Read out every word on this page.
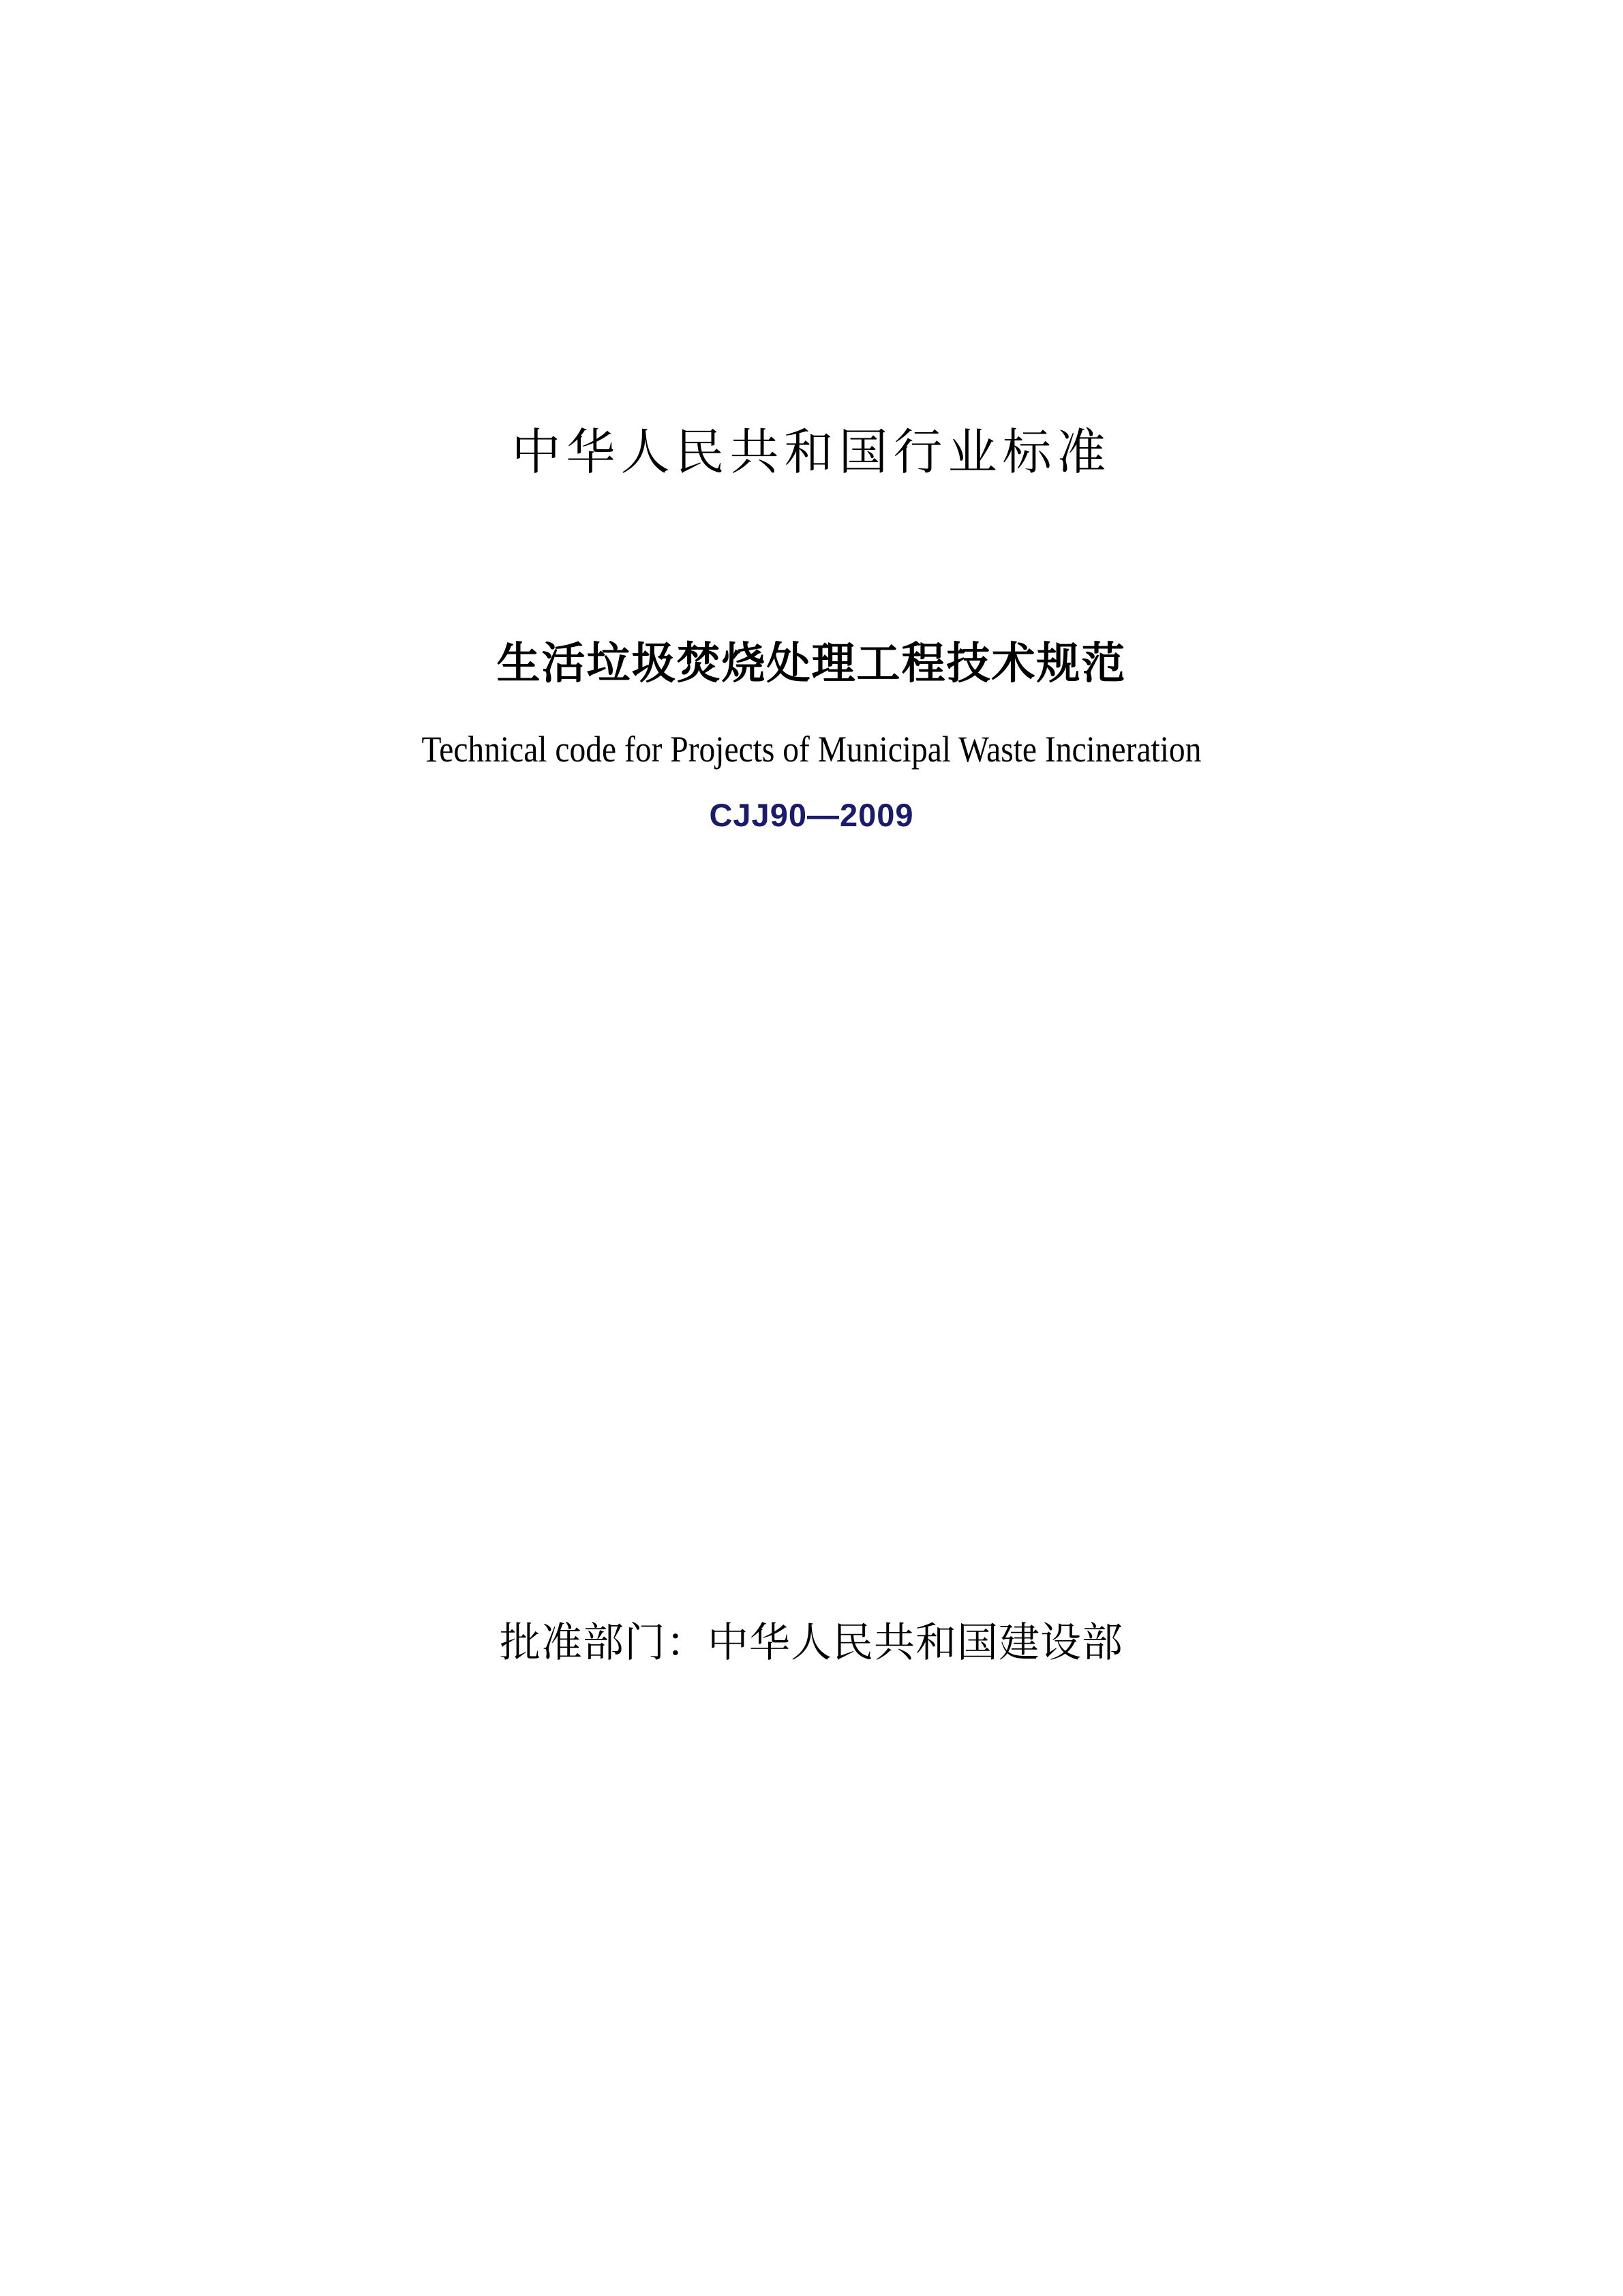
中华人民共和国行业标准
生活垃圾焚烧处理工程技术规范
Technical code for Projects of Municipal Waste Incineration
CJJ90—2009
批准部门：中华人民共和国建设部
